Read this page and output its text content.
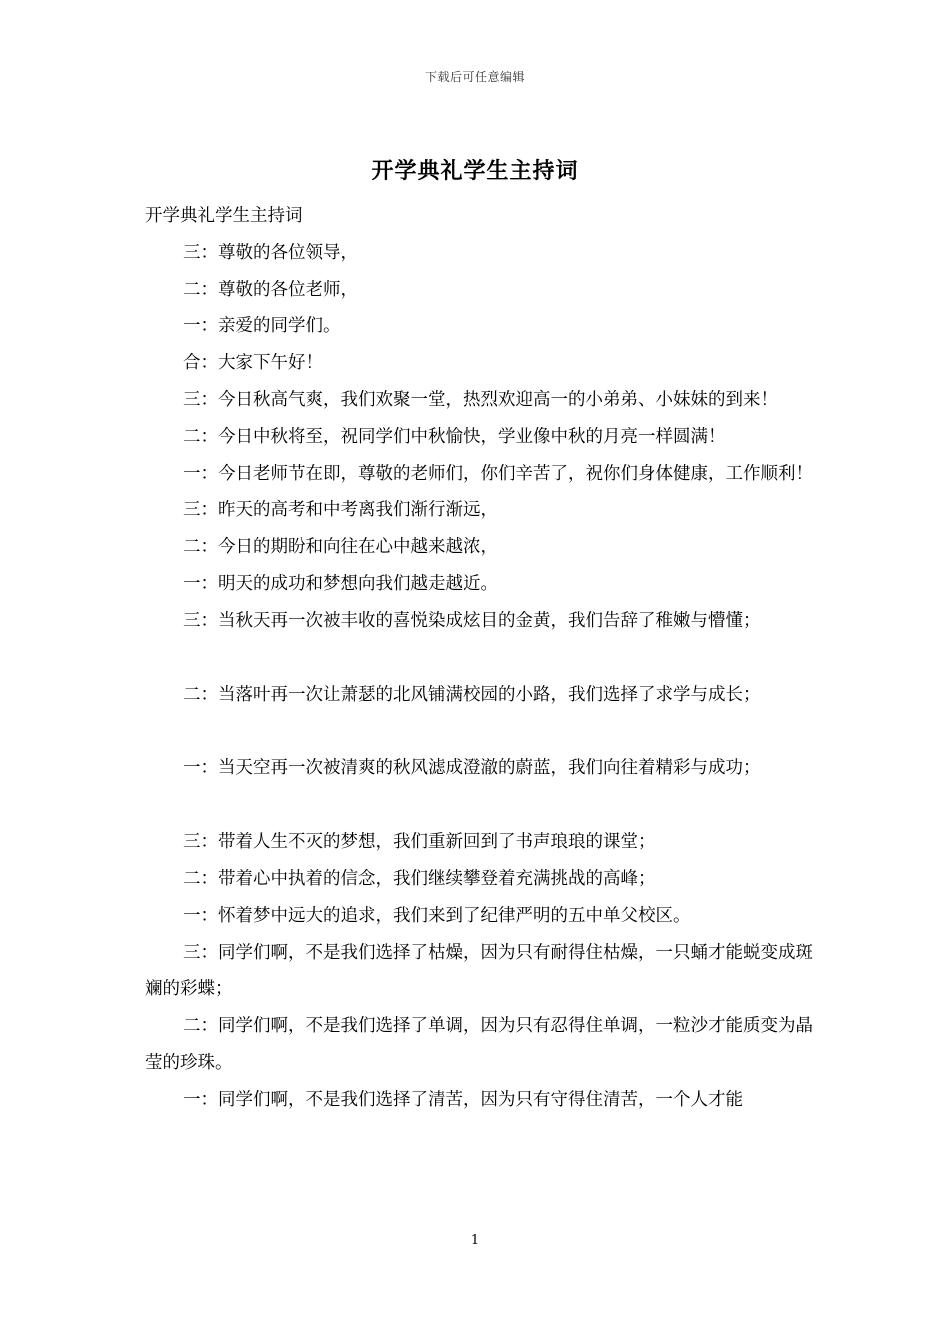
下载后可任意编辑
开学典礼学生主持词

开学典礼学生主持词

三：尊敬的各位领导，

二：尊敬的各位老师，

一：亲爱的同学们。

合：大家下午好！

三：今日秋高气爽，我们欢聚一堂，热烈欢迎高一的小弟弟、小妹妹的到来！

二：今日中秋将至，祝同学们中秋愉快，学业像中秋的月亮一样圆满！

一：今日老师节在即，尊敬的老师们，你们辛苦了，祝你们身体健康，工作顺利！

三：昨天的高考和中考离我们渐行渐远，

二：今日的期盼和向往在心中越来越浓，

一：明天的成功和梦想向我们越走越近。

三：当秋天再一次被丰收的喜悦染成炫目的金黄，我们告辞了稚嫩与懵懂；

二：当落叶再一次让萧瑟的北风铺满校园的小路，我们选择了求学与成长；

一：当天空再一次被清爽的秋风滤成澄澈的蔚蓝，我们向往着精彩与成功；

三：带着人生不灭的梦想，我们重新回到了书声琅琅的课堂；

二：带着心中执着的信念，我们继续攀登着充满挑战的高峰；

一：怀着梦中远大的追求，我们来到了纪律严明的五中单父校区。

三：同学们啊，不是我们选择了枯燥，因为只有耐得住枯燥，一只蛹才能蜕变成斑斓的彩蝶；

二：同学们啊，不是我们选择了单调，因为只有忍得住单调，一粒沙才能质变为晶莹的珍珠。

一：同学们啊，不是我们选择了清苦，因为只有守得住清苦，一个人才能

1
